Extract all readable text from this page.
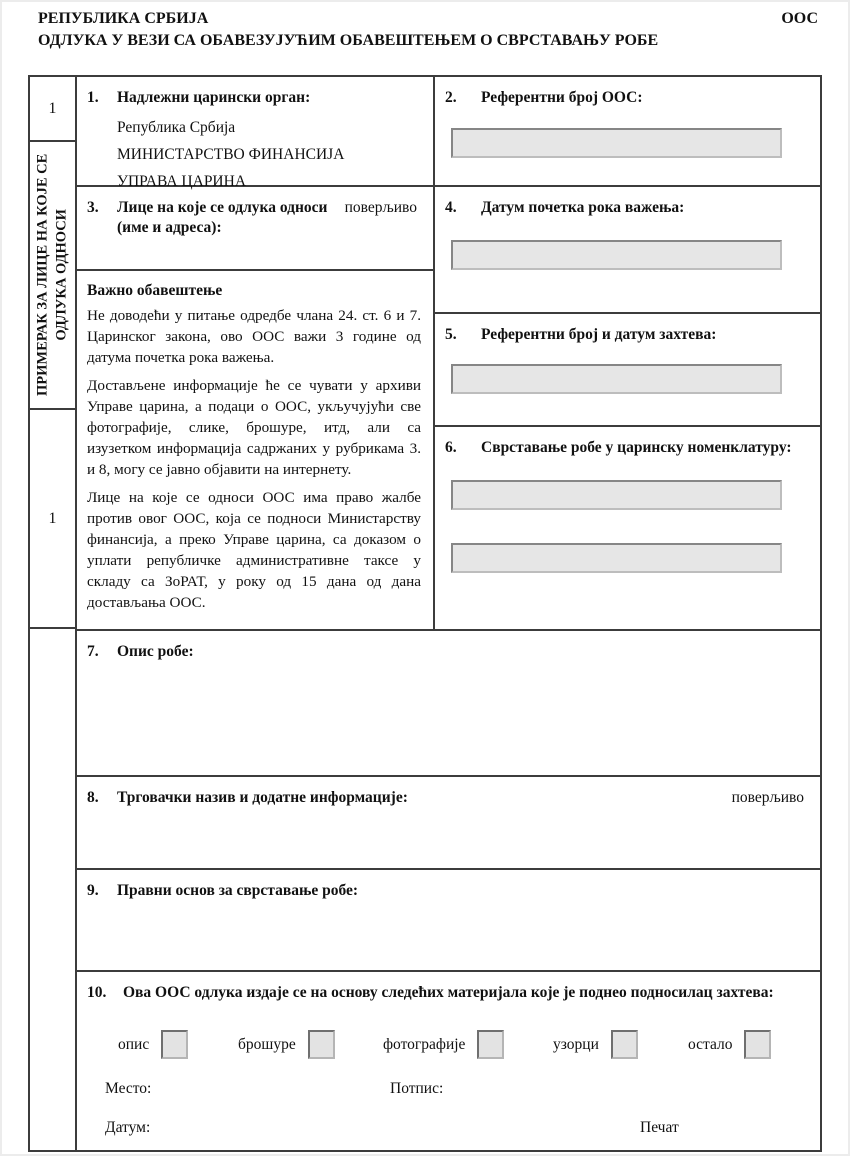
РЕПУБЛИКА СРБИЈА
ОДЛУКА У ВЕЗИ СА ОБАВЕЗУЈУЋИМ ОБАВЕШТЕЊЕМ О СВРСТАВАЊУ РОБЕ
ООС
1
ПРИМЕРАК ЗА ЛИЦЕ НА КОЈЕ СЕ ОДЛУКА ОДНОСИ
1
1.	Надлежни царински орган:
Република Србија
МИНИСТАРСТВО ФИНАНСИЈА
УПРАВА ЦАРИНА
3.	Лице на које се одлука односи поверљиво
(име и адреса):
Важно обавештење
Не доводећи у питање одредбе члана 24. ст. 6 и 7. Царинског закона, ово ООС важи 3 године од датума почетка рока важења.
Достављене информације ће се чувати у архиви Управе царина, а подаци о ООС, укључујући све фотографије, слике, брошуре, итд, али са изузетком информација садржаних у рубрикама 3. и 8, могу се јавно објавити на интернету.
Лице на које се односи ООС има право жалбе против овог ООС, која се подноси Министарству финансија, а преко Управе царина, са доказом о уплати републичке административне таксе у складу са ЗоРАТ, у року од 15 дана од дана достављања ООС.
2.	Референтни број ООС:
4.	Датум почетка рока важења:
5.	Референтни број и датум захтева:
6.	Сврставање робе у царинску номенклатуру:
7.	Опис робе:
8.	Трговачки назив и додатне информације:	поверљиво
9.	Правни основ за сврставање робе:
10.	Ова ООС одлука издаје се на основу следећих материјала које је поднео подносилац захтева:
опис	брошуре	фотографије	узорци	остало
Место:	Потпис:
Датум:	Печат
